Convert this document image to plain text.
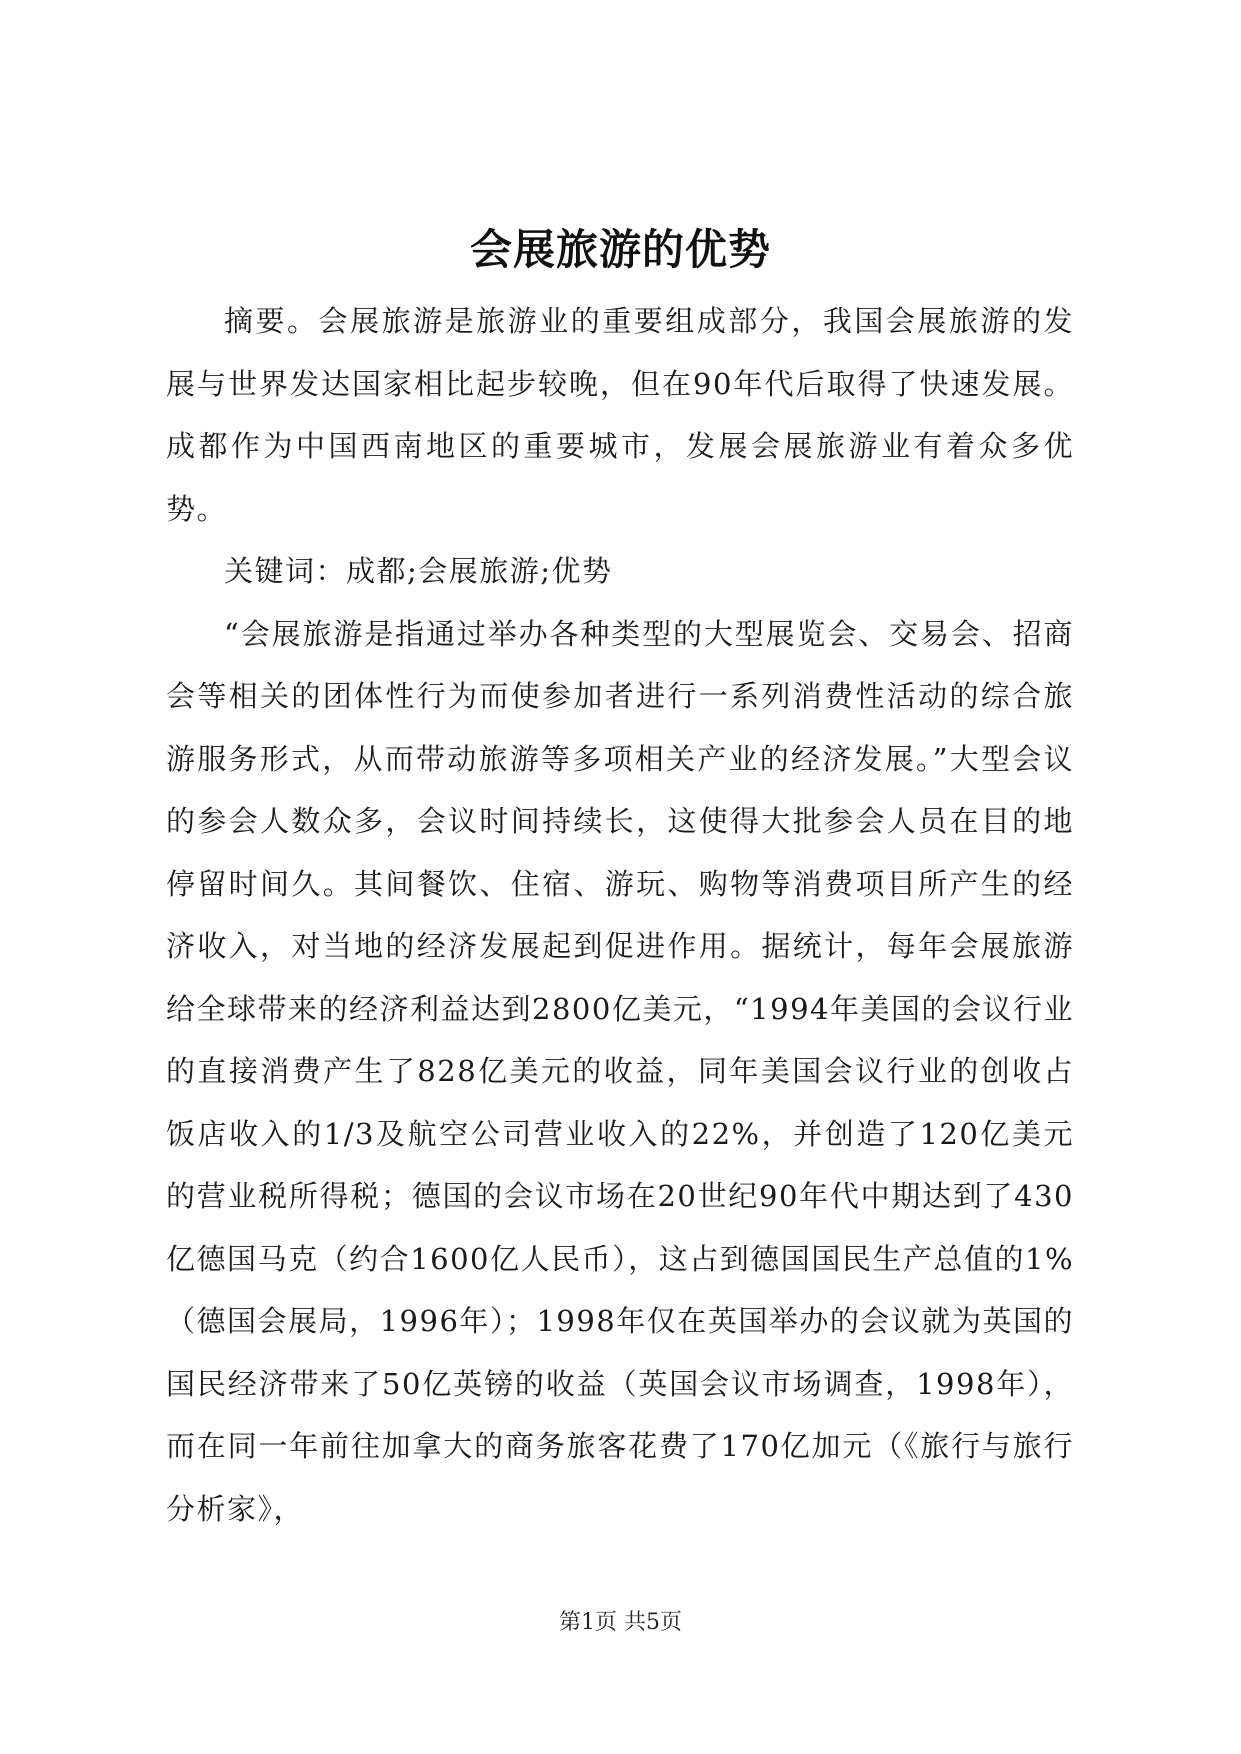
会展旅游的优势

摘要。会展旅游是旅游业的重要组成部分，我国会展旅游的发展与世界发达国家相比起步较晚，但在90年代后取得了快速发展。成都作为中国西南地区的重要城市，发展会展旅游业有着众多优势。

关键词：成都;会展旅游;优势

“会展旅游是指通过举办各种类型的大型展览会、交易会、招商会等相关的团体性行为而使参加者进行一系列消费性活动的综合旅游服务形式，从而带动旅游等多项相关产业的经济发展。”大型会议的参会人数众多，会议时间持续长，这使得大批参会人员在目的地停留时间久。其间餐饮、住宿、游玩、购物等消费项目所产生的经济收入，对当地的经济发展起到促进作用。据统计，每年会展旅游给全球带来的经济利益达到2800亿美元，“1994年美国的会议行业的直接消费产生了828亿美元的收益，同年美国会议行业的创收占饭店收入的1/3及航空公司营业收入的22%，并创造了120亿美元的营业税所得税；德国的会议市场在20世纪90年代中期达到了430亿德国马克（约合1600亿人民币），这占到德国国民生产总值的1%（德国会展局，1996年）；1998年仅在英国举办的会议就为英国的国民经济带来了50亿英镑的收益（英国会议市场调查，1998年），而在同一年前往加拿大的商务旅客花费了170亿加元（《旅行与旅行分析家》，

第1页 共5页
